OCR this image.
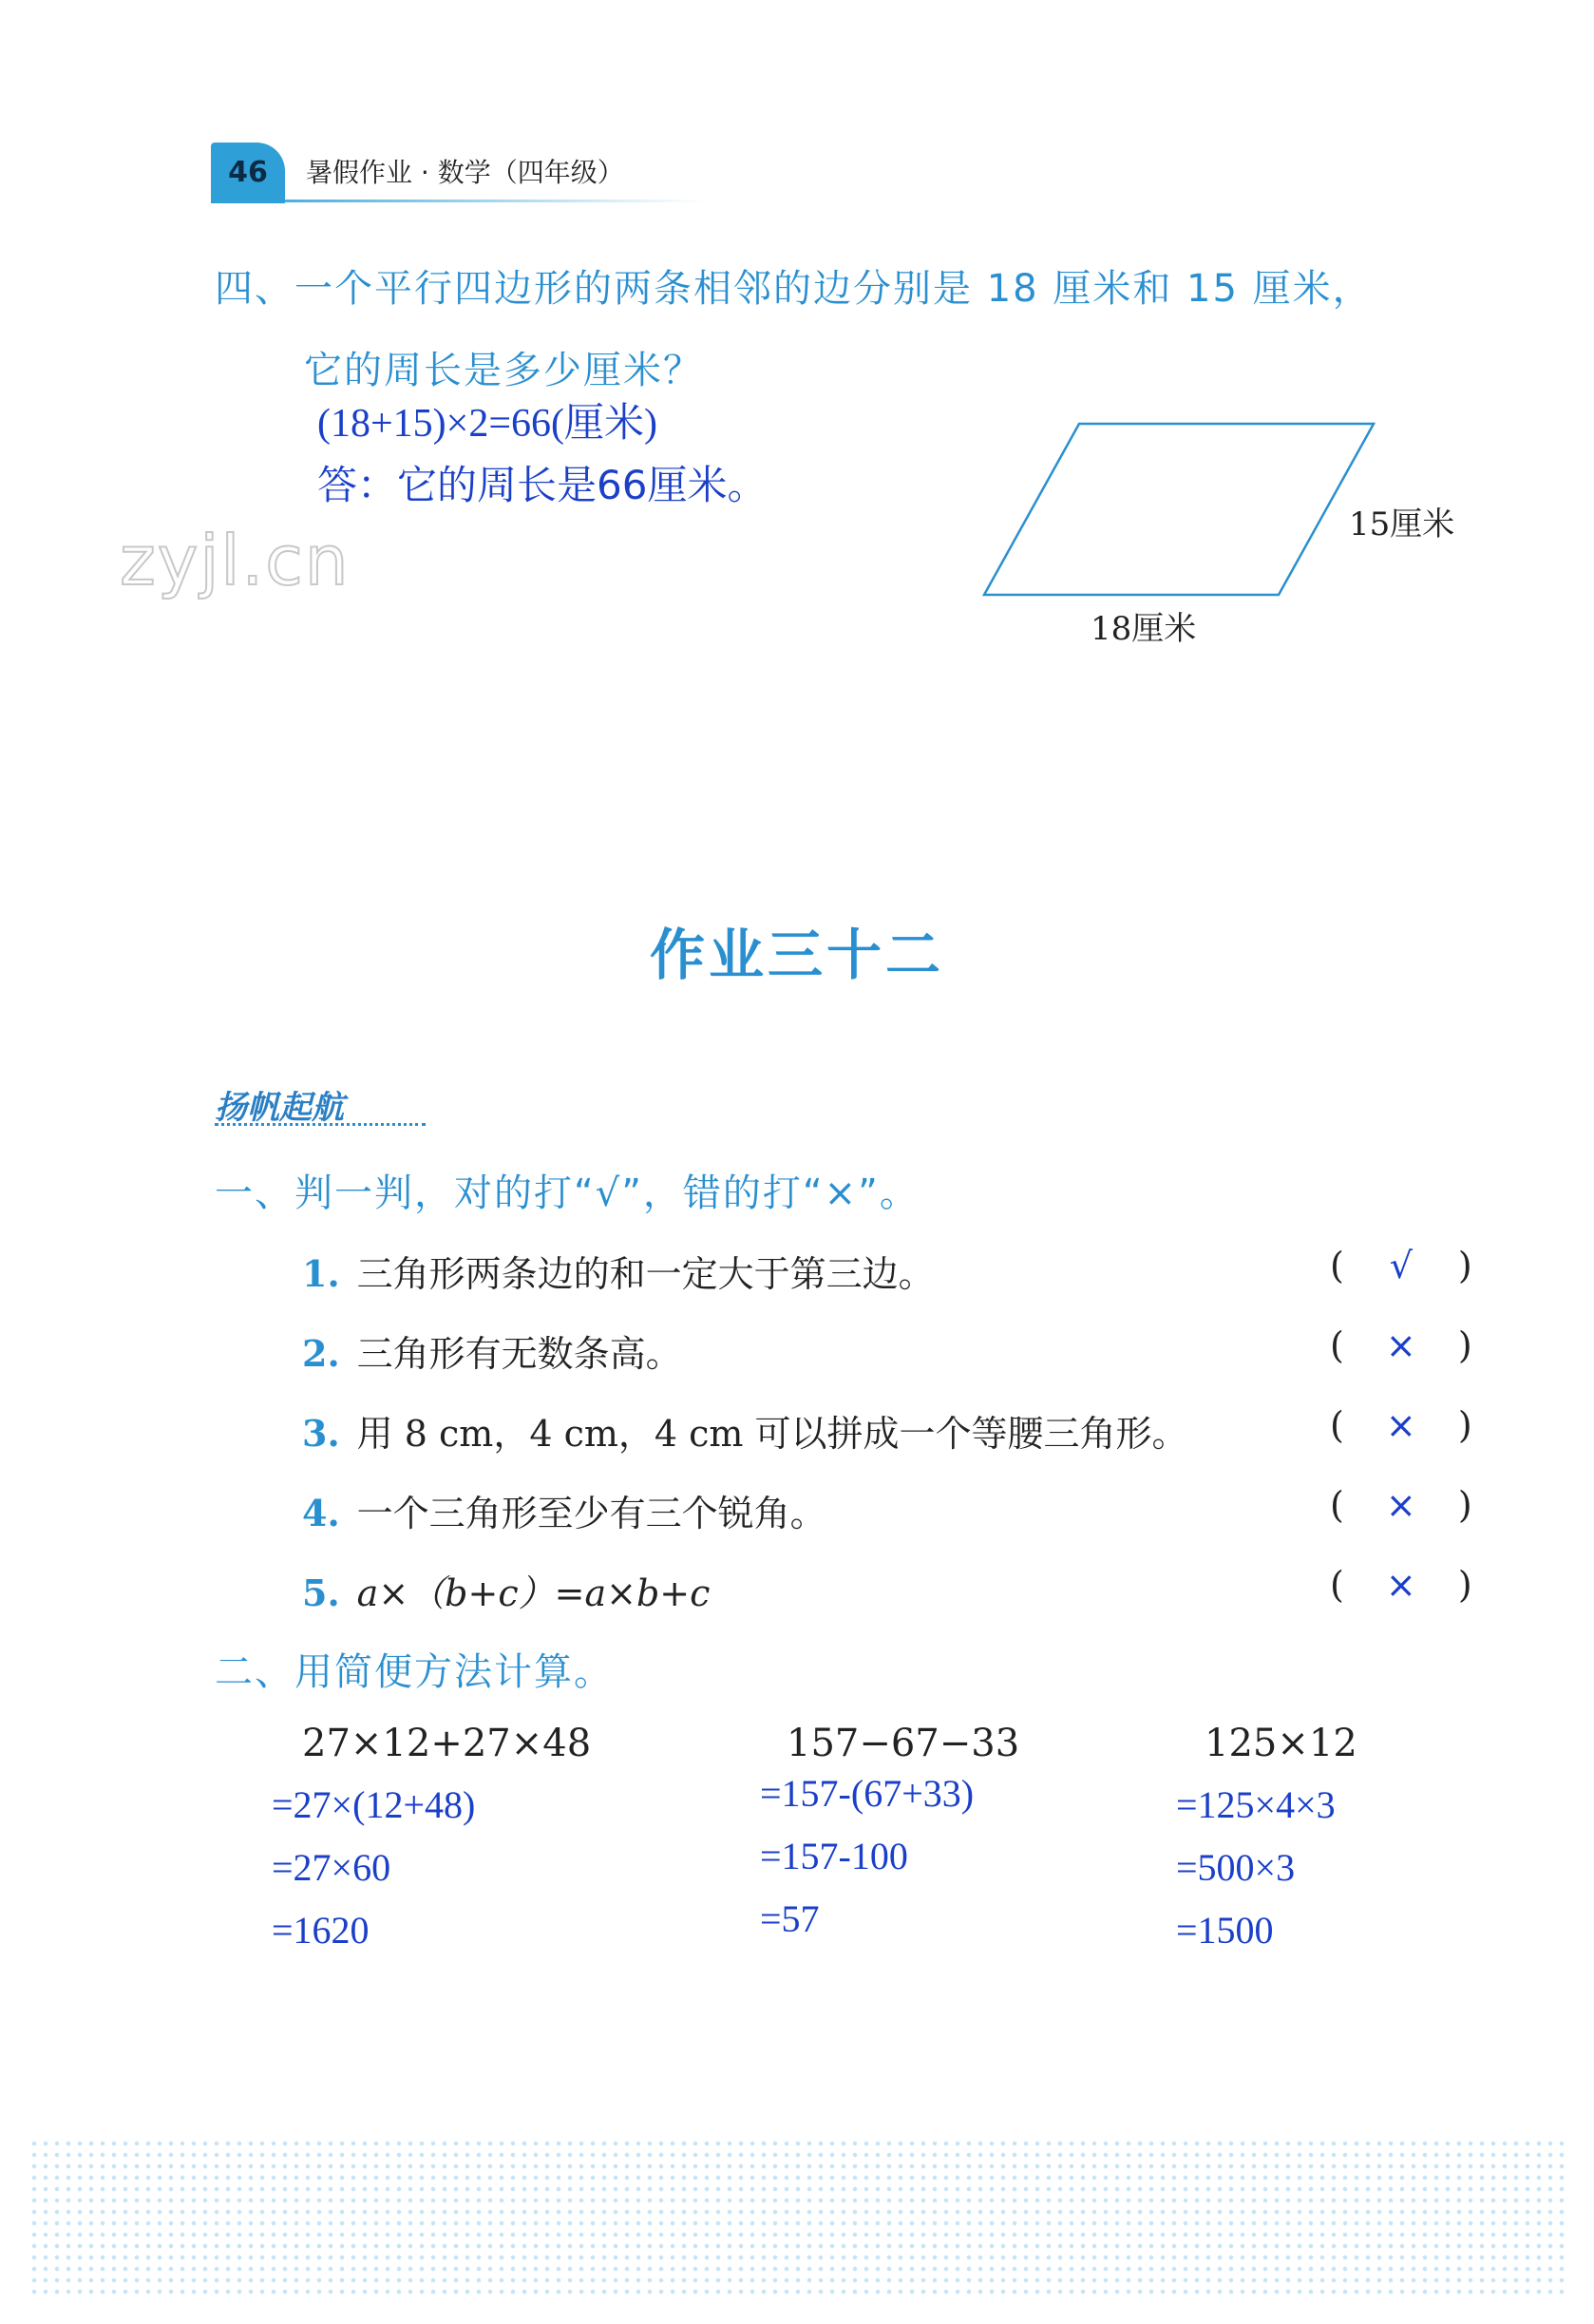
46	暑假作业 · 数学（四年级）
四、一个平行四边形的两条相邻的边分别是 18 厘米和 15 厘米，
它的周长是多少厘米？
(18+15)×2=66(厘米)
答：它的周长是66厘米。
15厘米
18厘米
zyjl.cn
作业三十二
扬帆起航
一、判一判，对的打“√”，错的打“×”。
1. 三角形两条边的和一定大于第三边。	( √ )
2. 三角形有无数条高。	( × )
3. 用 8 cm，4 cm，4 cm 可以拼成一个等腰三角形。	( × )
4. 一个三角形至少有三个锐角。	( × )
5. a×（b+c）=a×b+c	( × )
二、用简便方法计算。
27×12+27×48
=27×(12+48)
=27×60
=1620
157−67−33
=157-(67+33)
=157-100
=57
125×12
=125×4×3
=500×3
=1500
